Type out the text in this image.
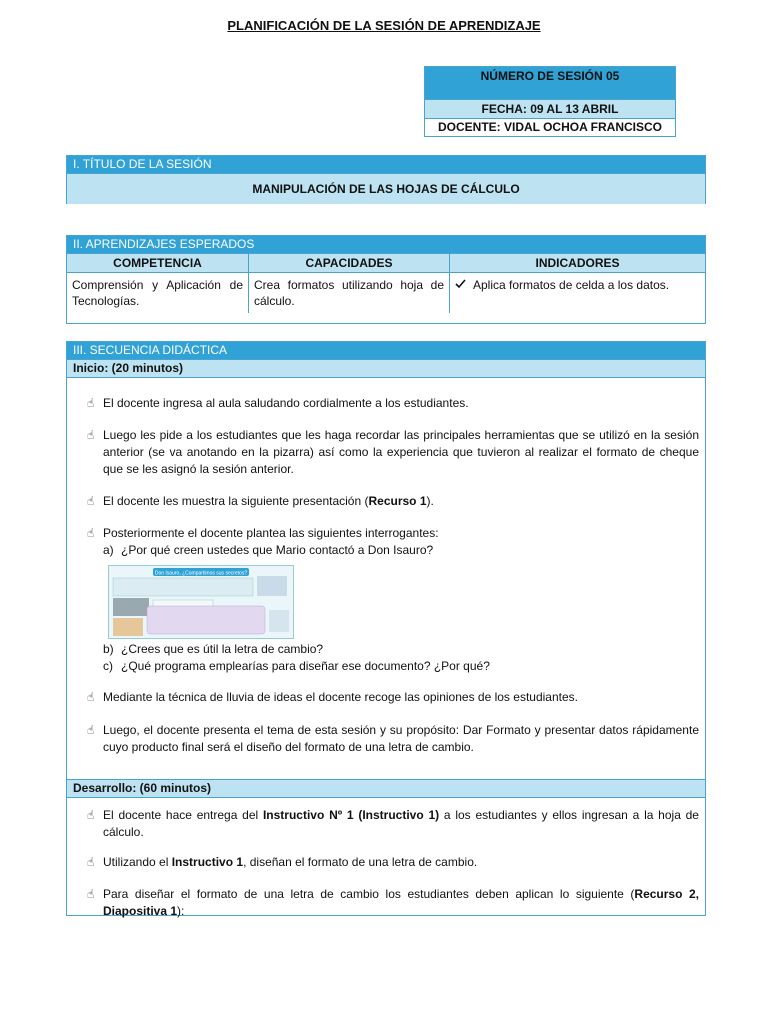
PLANIFICACIÓN DE LA SESIÓN DE APRENDIZAJE
NÚMERO DE SESIÓN 05
FECHA: 09 AL 13 ABRIL
DOCENTE: VIDAL OCHOA FRANCISCO
I. TÍTULO DE LA SESIÓN
MANIPULACIÓN DE LAS HOJAS DE CÁLCULO
II. APRENDIZAJES ESPERADOS
COMPETENCIA	CAPACIDADES	INDICADORES
Comprensión y Aplicación de Tecnologías.	Crea formatos utilizando hoja de cálculo.	Aplica formatos de celda a los datos.
III. SECUENCIA DIDÁCTICA
Inicio: (20 minutos)
☝ El docente ingresa al aula saludando cordialmente a los estudiantes.
☝ Luego les pide a los estudiantes que les haga recordar las principales herramientas que se utilizó en la sesión anterior (se va anotando en la pizarra) así como la experiencia que tuvieron al realizar el formato de cheque que se les asignó la sesión anterior.
☝ El docente les muestra la siguiente presentación (Recurso 1).
☝ Posteriormente el docente plantea las siguientes interrogantes:
a) ¿Por qué creen ustedes que Mario contactó a Don Isauro?
b) ¿Crees que es útil la letra de cambio?
c) ¿Qué programa emplearías para diseñar ese documento? ¿Por qué?
☝ Mediante la técnica de lluvia de ideas el docente recoge las opiniones de los estudiantes.
☝ Luego, el docente presenta el tema de esta sesión y su propósito: Dar Formato y presentar datos rápidamente cuyo producto final será el diseño del formato de una letra de cambio.
Desarrollo: (60 minutos)
☝ El docente hace entrega del Instructivo Nº 1 (Instructivo 1) a los estudiantes y ellos ingresan a la hoja de cálculo.
☝ Utilizando el Instructivo 1, diseñan el formato de una letra de cambio.
☝ Para diseñar el formato de una letra de cambio los estudiantes deben aplican lo siguiente (Recurso 2, Diapositiva 1):
Don Isauro, ¿Compartimos sus secretos?
